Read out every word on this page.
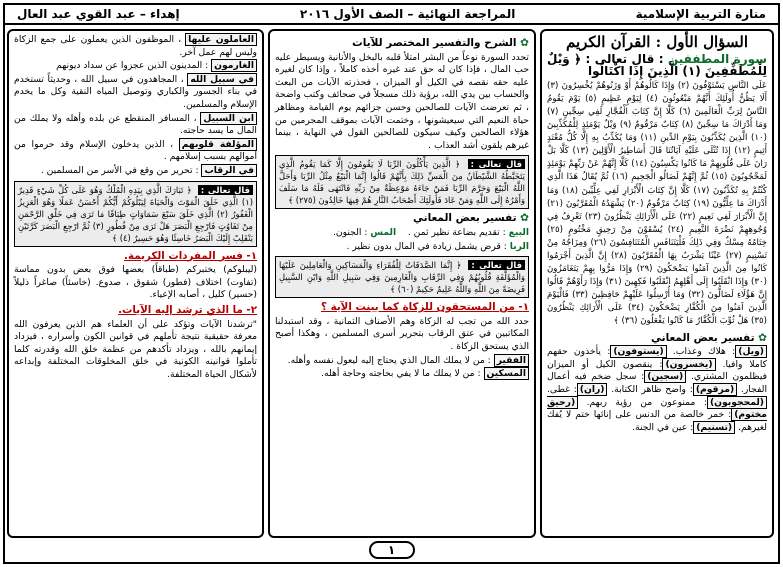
منارة التربية الإسلامية
المراجعة النهائية – الصف الأول ٢٠١٦
إهداء – عبد القوي عبد العال
السؤال الأول : القرآن الكريم
سورة المطففين : قال تعالى : ﴿ وَيْلٌ لِلْمُطَفِّفِينَ (١) الَّذِينَ إِذَا اكْتَالُوا
عَلَى النَّاسِ يَسْتَوْفُونَ (٢) وَإِذَا كَالُوهُمْ أَوْ وَزَنُوهُمْ يُخْسِرُونَ (٣) أَلَا يَظُنُّ أُولَئِكَ أَنَّهُمْ مَبْعُوثُونَ (٤) لِيَوْمٍ عَظِيمٍ (٥) يَوْمَ يَقُومُ النَّاسُ لِرَبِّ الْعَالَمِينَ (٦) كَلَّا إِنَّ كِتَابَ الْفُجَّارِ لَفِي سِجِّينٍ (٧) وَمَا أَدْرَاكَ مَا سِجِّينٌ (٨) كِتَابٌ مَرْقُومٌ (٩) وَيْلٌ يَوْمَئِذٍ لِلْمُكَذِّبِينَ (١٠) الَّذِينَ يُكَذِّبُونَ بِيَوْمِ الدِّينِ (١١) وَمَا يُكَذِّبُ بِهِ إِلَّا كُلُّ مُعْتَدٍ أَثِيمٍ (١٢) إِذَا تُتْلَى عَلَيْهِ آيَاتُنَا قَالَ أَسَاطِيرُ الْأَوَّلِينَ (١٣) كَلَّا بَلْ رَانَ عَلَى قُلُوبِهِمْ مَا كَانُوا يَكْسِبُونَ (١٤) كَلَّا إِنَّهُمْ عَنْ رَبِّهِمْ يَوْمَئِذٍ لَمَحْجُوبُونَ (١٥) ثُمَّ إِنَّهُمْ لَصَالُو الْجَحِيمِ (١٦) ثُمَّ يُقَالُ هَذَا الَّذِي كُنْتُمْ بِهِ تُكَذِّبُونَ (١٧) كَلَّا إِنَّ كِتَابَ الْأَبْرَارِ لَفِي عِلِّيِّينَ (١٨) وَمَا أَدْرَاكَ مَا عِلِّيُّونَ (١٩) كِتَابٌ مَرْقُومٌ (٢٠) يَشْهَدُهُ الْمُقَرَّبُونَ (٢١) إِنَّ الْأَبْرَارَ لَفِي نَعِيمٍ (٢٢) عَلَى الْأَرَائِكِ يَنْظُرُونَ (٢٣) تَعْرِفُ فِي وُجُوهِهِمْ نَضْرَةَ النَّعِيمِ (٢٤) يُسْقَوْنَ مِنْ رَحِيقٍ مَخْتُومٍ (٢٥) خِتَامُهُ مِسْكٌ وَفِي ذَلِكَ فَلْيَتَنَافَسِ الْمُتَنَافِسُونَ (٢٦) وَمِزَاجُهُ مِنْ تَسْنِيمٍ (٢٧) عَيْنًا يَشْرَبُ بِهَا الْمُقَرَّبُونَ (٢٨) إِنَّ الَّذِينَ أَجْرَمُوا كَانُوا مِنَ الَّذِينَ آمَنُوا يَضْحَكُونَ (٢٩) وَإِذَا مَرُّوا بِهِمْ يَتَغَامَزُونَ (٣٠) وَإِذَا انْقَلَبُوا إِلَى أَهْلِهِمُ انْقَلَبُوا فَكِهِينَ (٣١) وَإِذَا رَأَوْهُمْ قَالُوا إِنَّ هَؤُلَاءِ لَضَالُّونَ (٣٢) وَمَا أُرْسِلُوا عَلَيْهِمْ حَافِظِينَ (٣٣) فَالْيَوْمَ الَّذِينَ آمَنُوا مِنَ الْكُفَّارِ يَضْحَكُونَ (٣٤) عَلَى الْأَرَائِكِ يَنْظُرُونَ (٣٥) هَلْ ثُوِّبَ الْكُفَّارُ مَا كَانُوا يَفْعَلُونَ (٣٦) ﴾
✿ تفسير بعض المعاني
(ويل): هلاك وعذاب. (يستوفون): يأخذون حقهم كاملا وافيا. (يخسرون): ينقصون الكيل أو الميزان فيظلمون المشتري. (سجين): سجل ضخم فيه أعمال الفجار. (مرقوم): واضح ظاهر الكتابة. (ران): غطى. (لمحجوبون): ممنوعون من رؤية ربهم. (رحيق مختوم): خمر خالصة من الدنس على إنائها ختم لا يُفك لغيرهم. (تسنيم): عين في الجنة.
✿ الشرح والتفسير المختصر للآيات
تحدد السورة نوعاً من البشر امتلأ قلبه بالبخل والأنانية ويسيطر عليه حب المال ، فإذا كان له حق عند غيره أخذه كاملاً ، وإذا كان لغيره عليه حقه نقصه في الكيل أو الميزان ، فحذرته الآيات من البعث والحساب بين يدي الله، برؤية ذلك مسجلاً في صحائف وكتب واضحة ، ثم تعرضت الآيات للصالحين وحسن جزائهم يوم القيامة ومظاهر حياة النعيم التي سيعيشونها ، وختمت الآيات بموقف المجرمين من هؤلاء الصالحين وكيف سيكون للصالحين القول في النهاية ، بينما غيرهم يلقون أشد العذاب .
قال تعالى : ﴿ الَّذِينَ يَأْكُلُونَ الرِّبَا لَا يَقُومُونَ إِلَّا كَمَا يَقُومُ الَّذِي يَتَخَبَّطُهُ الشَّيْطَانُ مِنَ الْمَسِّ ذَلِكَ بِأَنَّهُمْ قَالُوا إِنَّمَا الْبَيْعُ مِثْلُ الرِّبَا وَأَحَلَّ اللَّهُ الْبَيْعَ وَحَرَّمَ الرِّبَا فَمَنْ جَاءَهُ مَوْعِظَةٌ مِنْ رَبِّهِ فَانْتَهَى فَلَهُ مَا سَلَفَ وَأَمْرُهُ إِلَى اللَّهِ وَمَنْ عَادَ فَأُولَئِكَ أَصْحَابُ النَّارِ هُمْ فِيهَا خَالِدُونَ (٢٧٥) ﴾
✿ تفسير بعض المعاني
البيع : تقديم بضاعة نظير ثمن .    المس : الجنون.
الربا : قرض يشمل زيادة في المال بدون نظير .
قال تعالى : ﴿ إِنَّمَا الصَّدَقَاتُ لِلْفُقَرَاءِ وَالْمَسَاكِينِ وَالْعَامِلِينَ عَلَيْهَا وَالْمُؤَلَّفَةِ قُلُوبُهُمْ وَفِي الرِّقَابِ وَالْغَارِمِينَ وَفِي سَبِيلِ اللَّهِ وَابْنِ السَّبِيلِ فَرِيضَةً مِنَ اللَّهِ وَاللَّهُ عَلِيمٌ حَكِيمٌ (٦٠) ﴾
١- من المستحقون للزكاة كما بينت الآية ؟
حدد الله من تجب له الزكاة وهم الأصناف الثمانية ، وقد استبدلنا المكاتبين في عتق الرقاب بتحرير أسرى المسلمين ، وهكذا أصبح الذي يستحق الزكاة .
الفقير : من لا يملك المال الذي يحتاج إليه ليعول نفسه وأهله.
المسكين : من لا يملك ما لا يفي بحاجته وحاجة أهله.
العاملون عليها ، الموظفون الذين يعملون على جمع الزكاة وليس لهم عمل آخر.
الغارمون : المدينون الذين عجزوا عن سداد ديونهم
في سبيل الله ، المجاهدون في سبيل الله ، وحديثاً تستخدم في بناء الجسور والكباري وتوصيل المياه النقية وكل ما يخدم الإسلام والمسلمين.
ابن السبيل ، المسافر المنقطع عن بلده وأهله ولا يملك من المال ما يسد حاجته.
المؤلفة قلوبهم ، الذين يدخلون الإسلام وقد حرموا من أموالهم بسبب إسلامهم .
في الرقاب : تحرير من وقع في الأسر من المسلمين .
قال تعالى : ﴿ تَبَارَكَ الَّذِي بِيَدِهِ الْمُلْكُ وَهُوَ عَلَى كُلِّ شَيْءٍ قَدِيرٌ (١) الَّذِي خَلَقَ الْمَوْتَ وَالْحَيَاةَ لِيَبْلُوَكُمْ أَيُّكُمْ أَحْسَنُ عَمَلًا وَهُوَ الْعَزِيزُ الْغَفُورُ (٢) الَّذِي خَلَقَ سَبْعَ سَمَاوَاتٍ طِبَاقًا مَا تَرَى فِي خَلْقِ الرَّحْمَنِ مِنْ تَفَاوُتٍ فَارْجِعِ الْبَصَرَ هَلْ تَرَى مِنْ فُطُورٍ (٣) ثُمَّ ارْجِعِ الْبَصَرَ كَرَّتَيْنِ يَنْقَلِبْ إِلَيْكَ الْبَصَرُ خَاسِئًا وَهُوَ حَسِيرٌ (٤) ﴾
١- فسر المفردات الكريمة.
(ليبلوكم) يختبركم (طباقاً) بعضها فوق بعض بدون مماسة (تفاوت) اختلاف (فطور) شقوق ، صدوع. (خاسئاً) صاغراً ذليلاً (حسير) كليل ، أصابه الإعياء.
٢- ما الذي ترشد إليه الآيات.
"ترشدنا الآيات وتؤكد على أن العلماء هم الذين يعرفون الله معرفة حقيقية نتيجة تأملهم في قوانين الكون وأسراره ، فيزداد إيمانهم بالله ، ويزداد تأكدهم من عظمة خلق الله وقدرته كلما تأملوا قوانينه الكونية في خلق المخلوقات المختلفة وإبداعه لأشكال الحياة المختلفة.
١
